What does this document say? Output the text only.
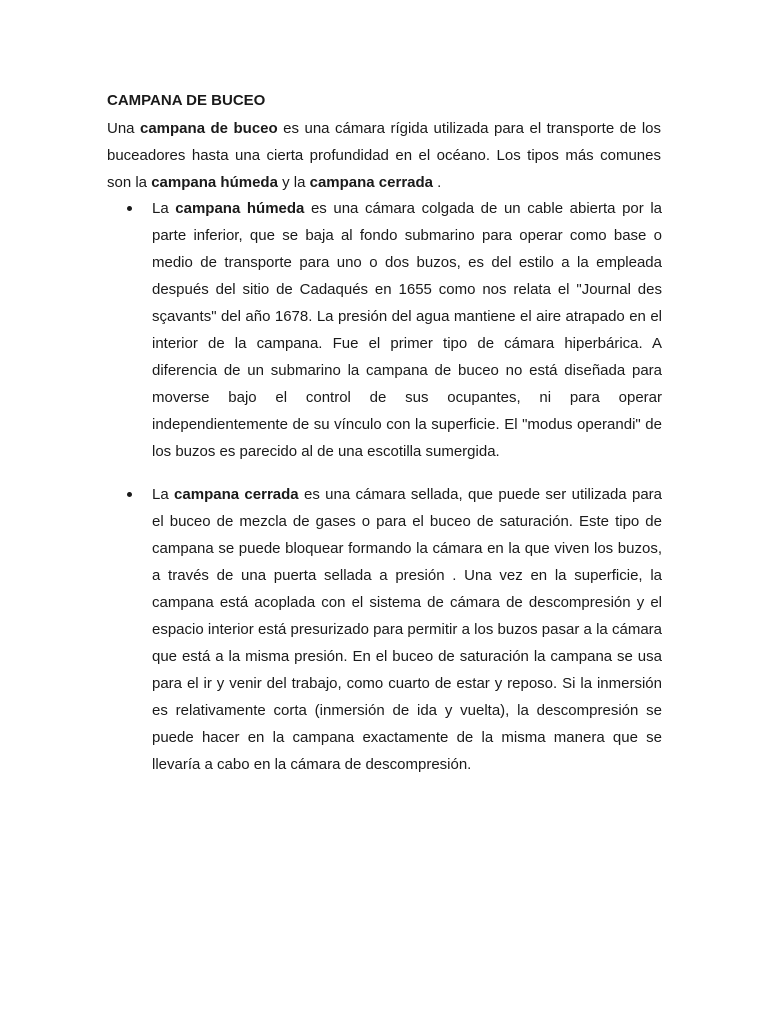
CAMPANA DE BUCEO

Una campana de buceo es una cámara rígida utilizada para el transporte de los buceadores hasta una cierta profundidad en el océano. Los tipos más comunes son la campana húmeda y la campana cerrada .

La campana húmeda es una cámara colgada de un cable abierta por la parte inferior, que se baja al fondo submarino para operar como base o medio de transporte para uno o dos buzos, es del estilo a la empleada después del sitio de Cadaqués en 1655 como nos relata el "Journal des sçavants" del año 1678. La presión del agua mantiene el aire atrapado en el interior de la campana. Fue el primer tipo de cámara hiperbárica. A diferencia de un submarino la campana de buceo no está diseñada para moverse bajo el control de sus ocupantes, ni para operar independientemente de su vínculo con la superficie. El "modus operandi" de los buzos es parecido al de una escotilla sumergida.

La campana cerrada es una cámara sellada, que puede ser utilizada para el buceo de mezcla de gases o para el buceo de saturación. Este tipo de campana se puede bloquear formando la cámara en la que viven los buzos, a través de una puerta sellada a presión . Una vez en la superficie, la campana está acoplada con el sistema de cámara de descompresión y el espacio interior está presurizado para permitir a los buzos pasar a la cámara que está a la misma presión. En el buceo de saturación la campana se usa para el ir y venir del trabajo, como cuarto de estar y reposo. Si la inmersión es relativamente corta (inmersión de ida y vuelta), la descompresión se puede hacer en la campana exactamente de la misma manera que se llevaría a cabo en la cámara de descompresión.
